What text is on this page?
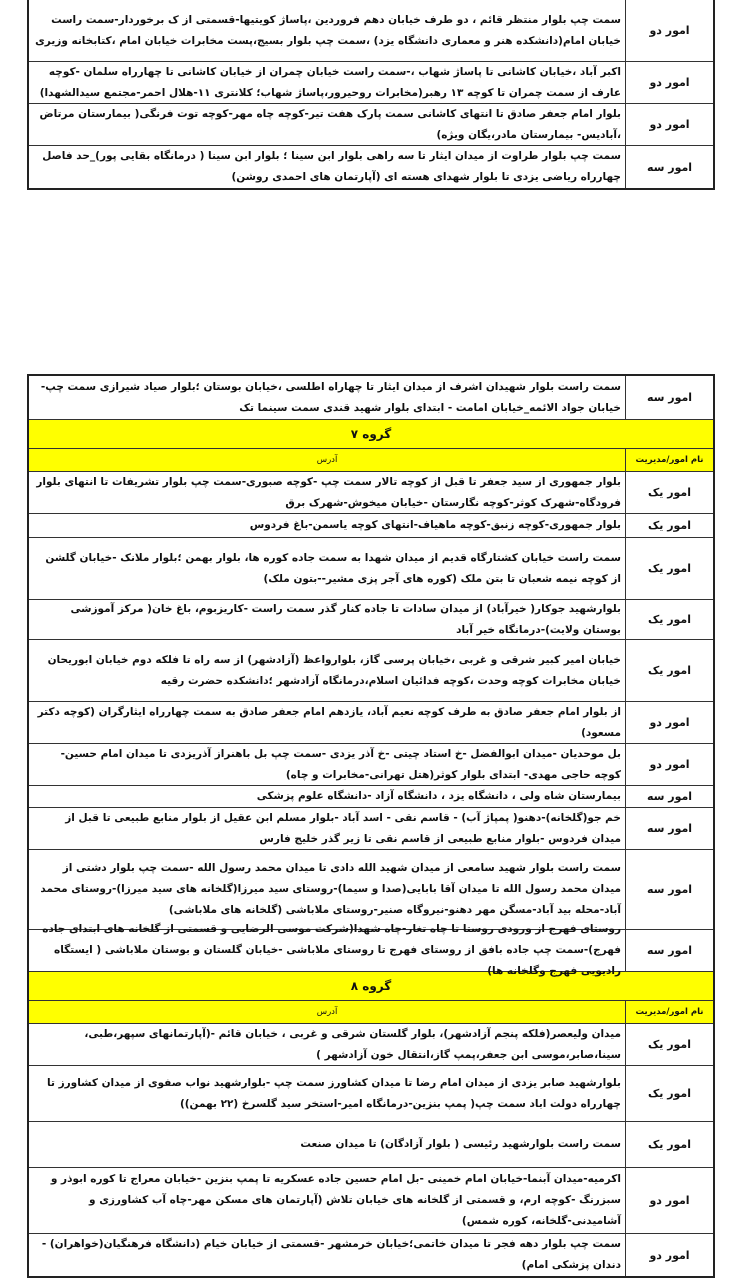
امور دو
سمت چپ بلوار منتظر قائم ، دو طرف خیابان دهم فروردین ،پاساژ کویتیها-قسمتی از ک برخوردار-سمت راست خیابان امام(دانشکده هنر و معماری دانشگاه یزد) ،سمت چپ بلوار بسیج،پست مخابرات خیابان امام ،کتابخانه وزیری
امور دو
اکبر آباد ،خیابان کاشانی تا پاساژ شهاب ،-سمت راست خیابان چمران از خیابان کاشانی تا چهارراه سلمان -کوچه عارف از سمت چمران تا کوچه ۱۳ رهبر(مخابرات روحیرور،پاساژ شهاب؛ کلانتری ۱۱-هلال احمر-مجتمع سیدالشهدا)
امور دو
بلوار امام جعفر صادق تا انتهای کاشانی سمت پارک هفت تیر-کوچه چاه مهر-کوچه توت فرنگی( بیمارستان مرتاض ،آبادیس- بیمارستان مادر،یگان ویژه)
امور سه
سمت چپ بلوار طراوت از میدان ایثار تا سه راهی بلوار ابن سینا ؛ بلوار ابن سینا ( درمانگاه بقایی پور)_حد فاصل چهارراه ریاضی یزدی تا بلوار شهدای هسته ای (آپارتمان های احمدی روشن)
امور سه
سمت راست بلوار شهیدان اشرف از میدان ایثار تا چهاراه اطلسی ،خیابان بوستان ؛بلوار صیاد شیرازی سمت چپ-خیابان جواد الائمه_خیابان امامت - ابتدای بلوار شهید قندی سمت سینما تک
گروه ۷
نام امور/مدیریت
آدرس
امور یک
بلوار جمهوری از سید جعفر تا قبل از کوچه تالار سمت چپ -کوچه صبوری-سمت چپ بلوار تشریفات تا انتهای بلوار فرودگاه-شهرک کوثر-کوچه نگارستان -خیابان میخوش-شهرک برق
امور یک
بلوار جمهوری-کوچه زنبق-کوچه ماهیاف-انتهای کوچه یاسمن-باغ فردوس
امور یک
سمت راست خیابان کشتارگاه قدیم از میدان شهدا به سمت جاده کوره ها، بلوار بهمن ؛بلوار ملانک -خیابان گلشن از کوچه نیمه شعبان تا بتن ملک (کوره های آجر پزی مشیر--بتون ملک)
امور یک
بلوارشهید جوکار( خیرآباد) از میدان سادات تا جاده کنار گذر سمت راست -کاریزبوم، باغ خان( مرکز آموزشی بوستان ولایت)-درمانگاه خیر آباد
امور یک
خیابان امیر کبیر شرقی و غربی ،خیابان پرسی گاز، بلوارواعظ (آزادشهر) از سه راه تا فلکه دوم خیابان ابوریحان خیابان مخابرات کوچه وحدت ،کوچه فدائیان اسلام،درمانگاه آزادشهر ؛دانشکده حضرت رقیه
امور دو
از بلوار امام جعفر صادق به طرف کوچه نعیم آباد، یازدهم امام جعفر صادق به سمت چهارراه ایثارگران (کوچه دکتر مسعود)
امور دو
بل موحدیان -میدان ابوالفضل -خ استاد چیتی -خ آذر یزدی -سمت چپ بل باهنراز آذریزدی تا میدان امام حسین- کوچه حاجی مهدی- ابتدای بلوار کوثر(هتل تهرانی-مخابرات و چاه)
امور سه
بیمارستان شاه ولی ، دانشگاه یزد ، دانشگاه آزاد -دانشگاه علوم پزشکی
امور سه
خم جو(گلخانه)-دهنو( پمپاژ آب) - قاسم نقی - اسد آباد -بلوار مسلم ابن عقیل از بلوار منابع طبیعی تا قبل از میدان فردوس -بلوار منابع طبیعی از قاسم نقی تا زیر گذر خلیج فارس
امور سه
سمت راست بلوار شهید سامعی از میدان شهید الله دادی تا میدان محمد رسول الله -سمت چپ بلوار دشتی از میدان محمد رسول الله تا میدان آقا بابایی(صدا و سیما)-روستای سید میرزا(گلخانه های سید میرزا)-روستای محمد آباد-محله بید آباد-مسگن مهر دهنو-نیروگاه صنیر-روستای ملاباشی (گلخانه های ملاباشی)
امور سه
روستای فهرج از ورودی روستا تا چاه تغار-چاه شهدا(شرکت موسی الرضایی و قسمتی از گلخانه های ابتدای جاده فهرج)-سمت چپ جاده بافق از روستای فهرج تا روستای ملاباشی -خیابان گلستان و بوستان ملاباشی ( ایستگاه رادیویی فهرج وگلخانه ها)
گروه ۸
نام امور/مدیریت
آدرس
امور یک
میدان ولیعصر(فلکه پنجم آزادشهر)، بلوار گلستان شرقی و غربی ، خیابان قائم -(آپارتمانهای سپهر،طبی، سینا،صابر،موسی ابن جعفر،پمپ گاز،انتقال خون آزادشهر )
امور یک
بلوارشهید صابر یزدی از میدان امام رضا تا میدان کشاورز سمت چپ -بلوارشهید نواب صفوی از میدان کشاورز تا چهارراه دولت اباد سمت چپ( پمپ بنزین-درمانگاه امیر-استخر سید گلسرخ (۲۲ بهمن))
امور یک
سمت راست بلوارشهید رئیسی ( بلوار آزادگان) تا میدان صنعت
امور دو
اکرمیه-میدان آبنما-خیابان امام خمینی -بل امام حسین جاده عسکریه تا پمپ بنزین -خیابان معراج تا کوره ابوذر و سبزرنگ -کوچه ارم، و قسمتی از گلخانه های خیابان تلاش (آپارتمان های مسکن مهر-چاه آب کشاورزی و آشامیدنی-گلخانه، کوره شمس)
امور دو
سمت چپ بلوار دهه فجر تا میدان خاتمی؛خیابان خرمشهر -قسمتی از خیابان خیام (دانشگاه فرهنگیان(خواهران) - دندان پزشکی امام)
